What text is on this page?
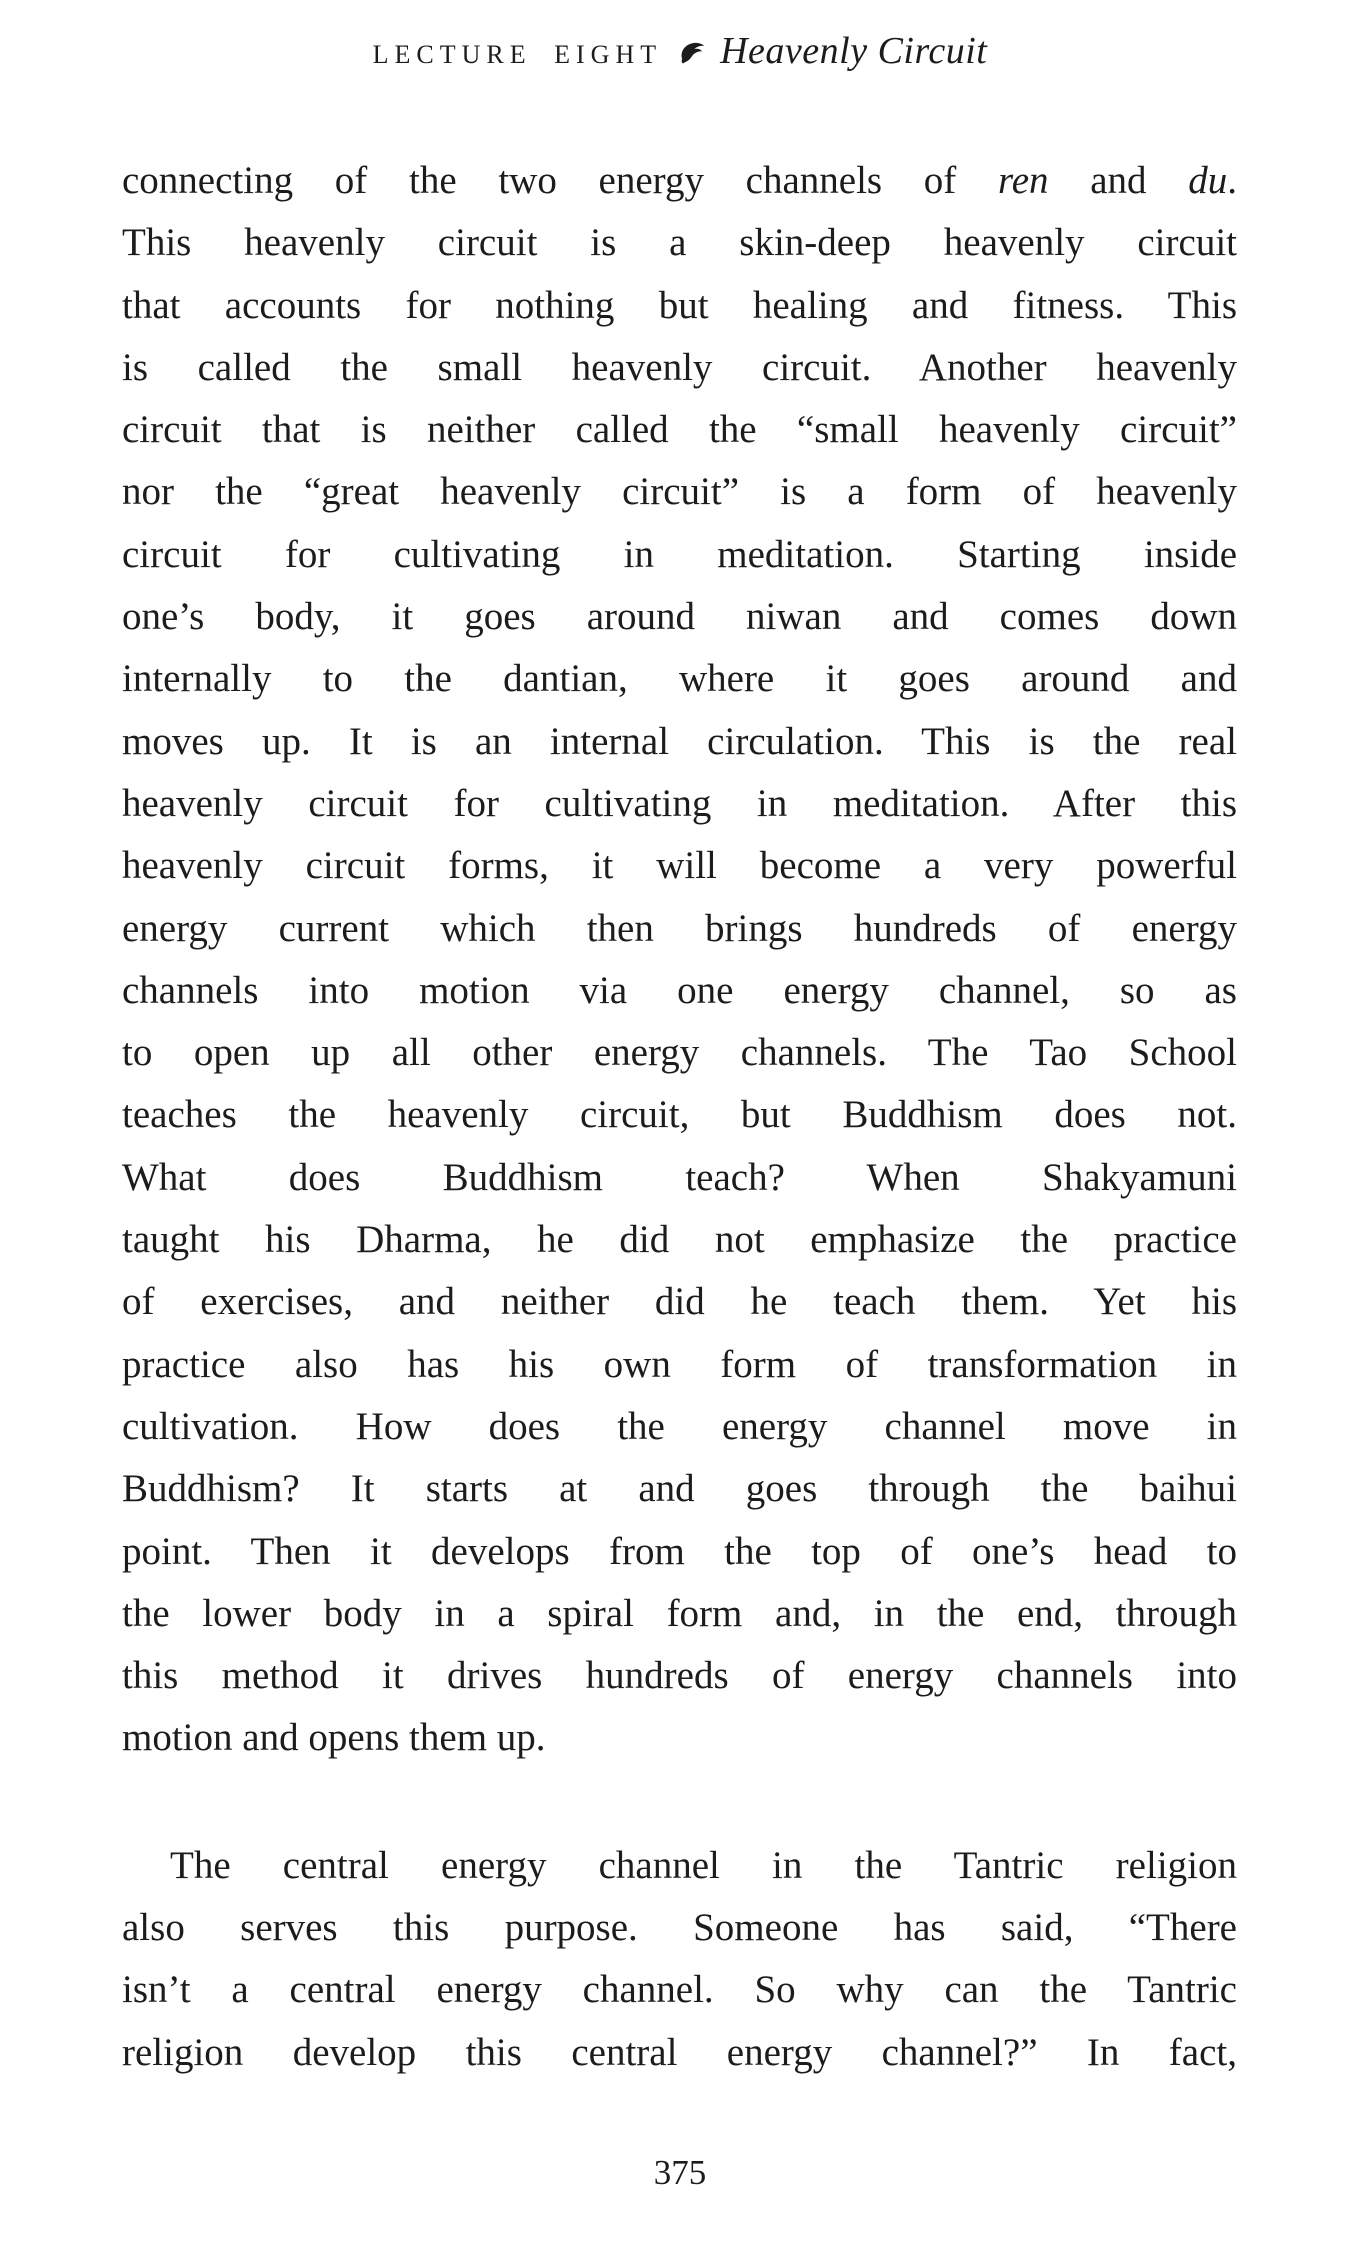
LECTURE EIGHT Heavenly Circuit
connecting of the two energy channels of ren and du.
This heavenly circuit is a skin-deep heavenly circuit
that accounts for nothing but healing and fitness. This
is called the small heavenly circuit. Another heavenly
circuit that is neither called the “small heavenly circuit”
nor the “great heavenly circuit” is a form of heavenly
circuit for cultivating in meditation. Starting inside
one’s body, it goes around niwan and comes down
internally to the dantian, where it goes around and
moves up. It is an internal circulation. This is the real
heavenly circuit for cultivating in meditation. After this
heavenly circuit forms, it will become a very powerful
energy current which then brings hundreds of energy
channels into motion via one energy channel, so as
to open up all other energy channels. The Tao School
teaches the heavenly circuit, but Buddhism does not.
What does Buddhism teach? When Shakyamuni
taught his Dharma, he did not emphasize the practice
of exercises, and neither did he teach them. Yet his
practice also has his own form of transformation in
cultivation. How does the energy channel move in
Buddhism? It starts at and goes through the baihui
point. Then it develops from the top of one’s head to
the lower body in a spiral form and, in the end, through
this method it drives hundreds of energy channels into
motion and opens them up.
The central energy channel in the Tantric religion
also serves this purpose. Someone has said, “There
isn’t a central energy channel. So why can the Tantric
religion develop this central energy channel?” In fact,
375
